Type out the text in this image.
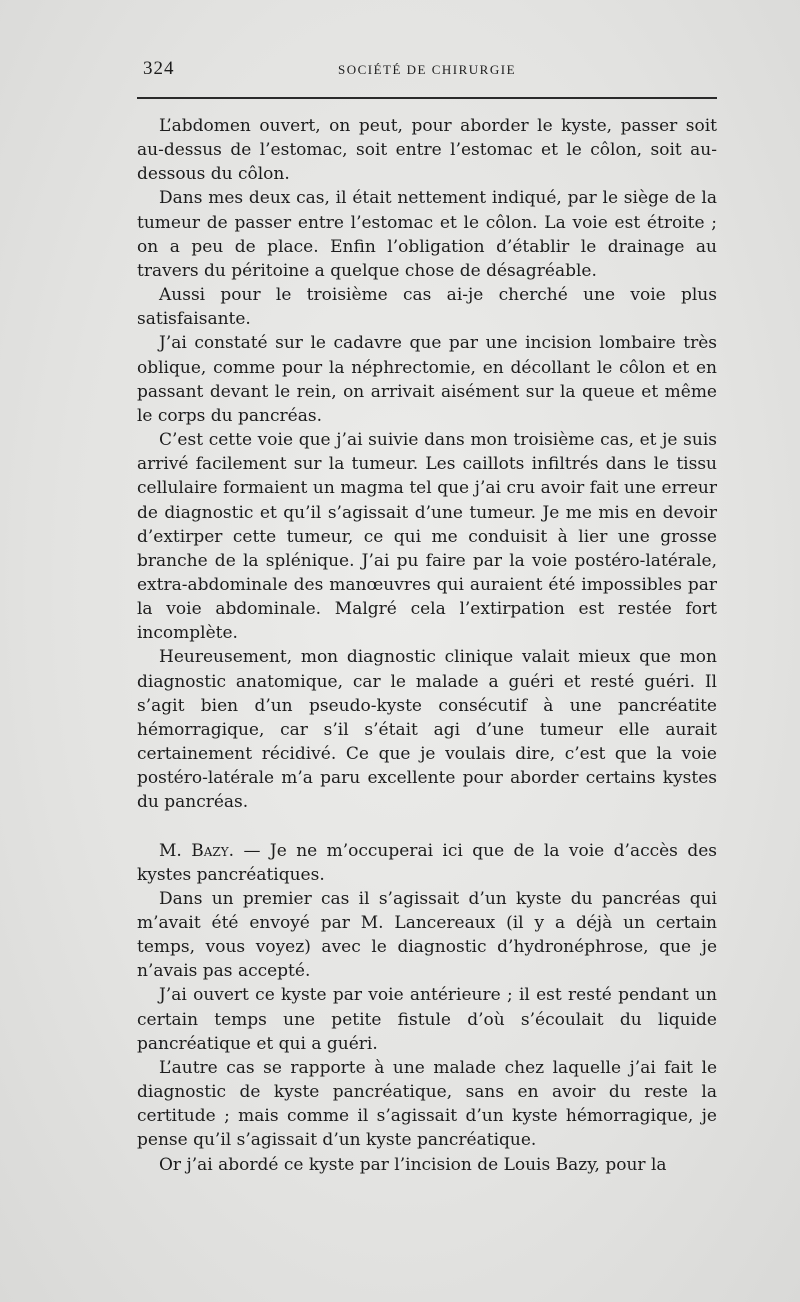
324	SOCIÉTÉ DE CHIRURGIE

L’abdomen ouvert, on peut, pour aborder le kyste, passer soit au-dessus de l’estomac, soit entre l’estomac et le côlon, soit au-dessous du côlon.

Dans mes deux cas, il était nettement indiqué, par le siège de la tumeur de passer entre l’estomac et le côlon. La voie est étroite ; on a peu de place. Enfin l’obligation d’établir le drainage au travers du péritoine a quelque chose de désagréable.

Aussi pour le troisième cas ai-je cherché une voie plus satisfaisante.

J’ai constaté sur le cadavre que par une incision lombaire très oblique, comme pour la néphrectomie, en décollant le côlon et en passant devant le rein, on arrivait aisément sur la queue et même le corps du pancréas.

C’est cette voie que j’ai suivie dans mon troisième cas, et je suis arrivé facilement sur la tumeur. Les caillots infiltrés dans le tissu cellulaire formaient un magma tel que j’ai cru avoir fait une erreur de diagnostic et qu’il s’agissait d’une tumeur. Je me mis en devoir d’extirper cette tumeur, ce qui me conduisit à lier une grosse branche de la splénique. J’ai pu faire par la voie postéro-latérale, extra-abdominale des manœuvres qui auraient été impossibles par la voie abdominale. Malgré cela l’extirpation est restée fort incomplète.

Heureusement, mon diagnostic clinique valait mieux que mon diagnostic anatomique, car le malade a guéri et resté guéri. Il s’agit bien d’un pseudo-kyste consécutif à une pancréatite hémorragique, car s’il s’était agi d’une tumeur elle aurait certainement récidivé. Ce que je voulais dire, c’est que la voie postéro-latérale m’a paru excellente pour aborder certains kystes du pancréas.

M. Bazy. — Je ne m’occuperai ici que de la voie d’accès des kystes pancréatiques.

Dans un premier cas il s’agissait d’un kyste du pancréas qui m’avait été envoyé par M. Lancereaux (il y a déjà un certain temps, vous voyez) avec le diagnostic d’hydronéphrose, que je n’avais pas accepté.

J’ai ouvert ce kyste par voie antérieure ; il est resté pendant un certain temps une petite fistule d’où s’écoulait du liquide pancréatique et qui a guéri.

L’autre cas se rapporte à une malade chez laquelle j’ai fait le diagnostic de kyste pancréatique, sans en avoir du reste la certitude ; mais comme il s’agissait d’un kyste hémorragique, je pense qu’il s’agissait d’un kyste pancréatique.

Or j’ai abordé ce kyste par l’incision de Louis Bazy, pour la
